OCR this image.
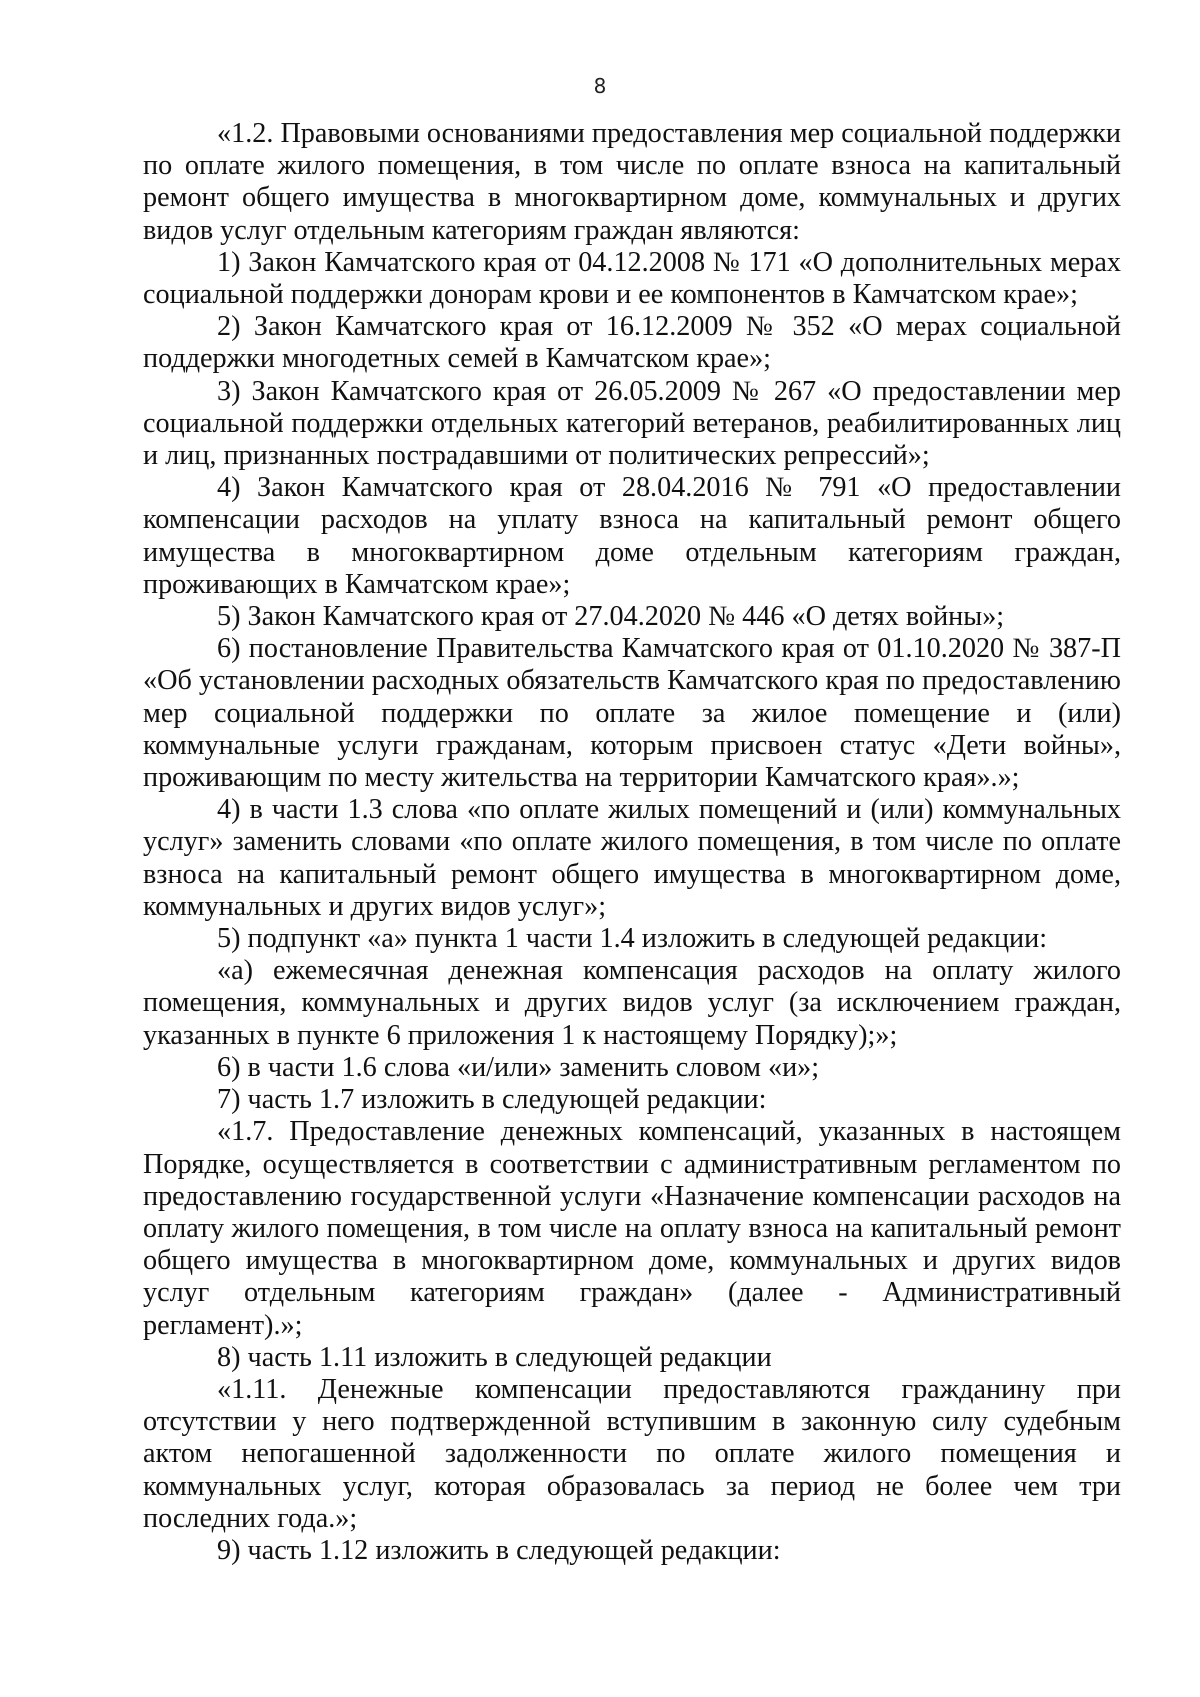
8

«1.2. Правовыми основаниями предоставления мер социальной поддержки по оплате жилого помещения, в том числе по оплате взноса на капитальный ремонт общего имущества в многоквартирном доме, коммунальных и других видов услуг отдельным категориям граждан являются:

1) Закон Камчатского края от 04.12.2008 № 171 «О дополнительных мерах социальной поддержки донорам крови и ее компонентов в Камчатском крае»;

2) Закон Камчатского края от 16.12.2009 № 352 «О мерах социальной поддержки многодетных семей в Камчатском крае»;

3) Закон Камчатского края от 26.05.2009 № 267 «О предоставлении мер социальной поддержки отдельных категорий ветеранов, реабилитированных лиц и лиц, признанных пострадавшими от политических репрессий»;

4) Закон Камчатского края от 28.04.2016 № 791 «О предоставлении компенсации расходов на уплату взноса на капитальный ремонт общего имущества в многоквартирном доме отдельным категориям граждан, проживающих в Камчатском крае»;

5) Закон Камчатского края от 27.04.2020 № 446 «О детях войны»;

6) постановление Правительства Камчатского края от 01.10.2020 № 387-П «Об установлении расходных обязательств Камчатского края по предоставлению мер социальной поддержки по оплате за жилое помещение и (или) коммунальные услуги гражданам, которым присвоен статус «Дети войны», проживающим по месту жительства на территории Камчатского края».»;

4) в части 1.3 слова «по оплате жилых помещений и (или) коммунальных услуг» заменить словами «по оплате жилого помещения, в том числе по оплате взноса на капитальный ремонт общего имущества в многоквартирном доме, коммунальных и других видов услуг»;

5) подпункт «а» пункта 1 части 1.4 изложить в следующей редакции:

«а) ежемесячная денежная компенсация расходов на оплату жилого помещения, коммунальных и других видов услуг (за исключением граждан, указанных в пункте 6 приложения 1 к настоящему Порядку);»;

6) в части 1.6 слова «и/или» заменить словом «и»;

7) часть 1.7 изложить в следующей редакции:

«1.7. Предоставление денежных компенсаций, указанных в настоящем Порядке, осуществляется в соответствии с административным регламентом по предоставлению государственной услуги «Назначение компенсации расходов на оплату жилого помещения, в том числе на оплату взноса на капитальный ремонт общего имущества в многоквартирном доме, коммунальных и других видов услуг отдельным категориям граждан» (далее - Административный регламент).»;

8) часть 1.11 изложить в следующей редакции

«1.11. Денежные компенсации предоставляются гражданину при отсутствии у него подтвержденной вступившим в законную силу судебным актом непогашенной задолженности по оплате жилого помещения и коммунальных услуг, которая образовалась за период не более чем три последних года.»;

9) часть 1.12 изложить в следующей редакции:
